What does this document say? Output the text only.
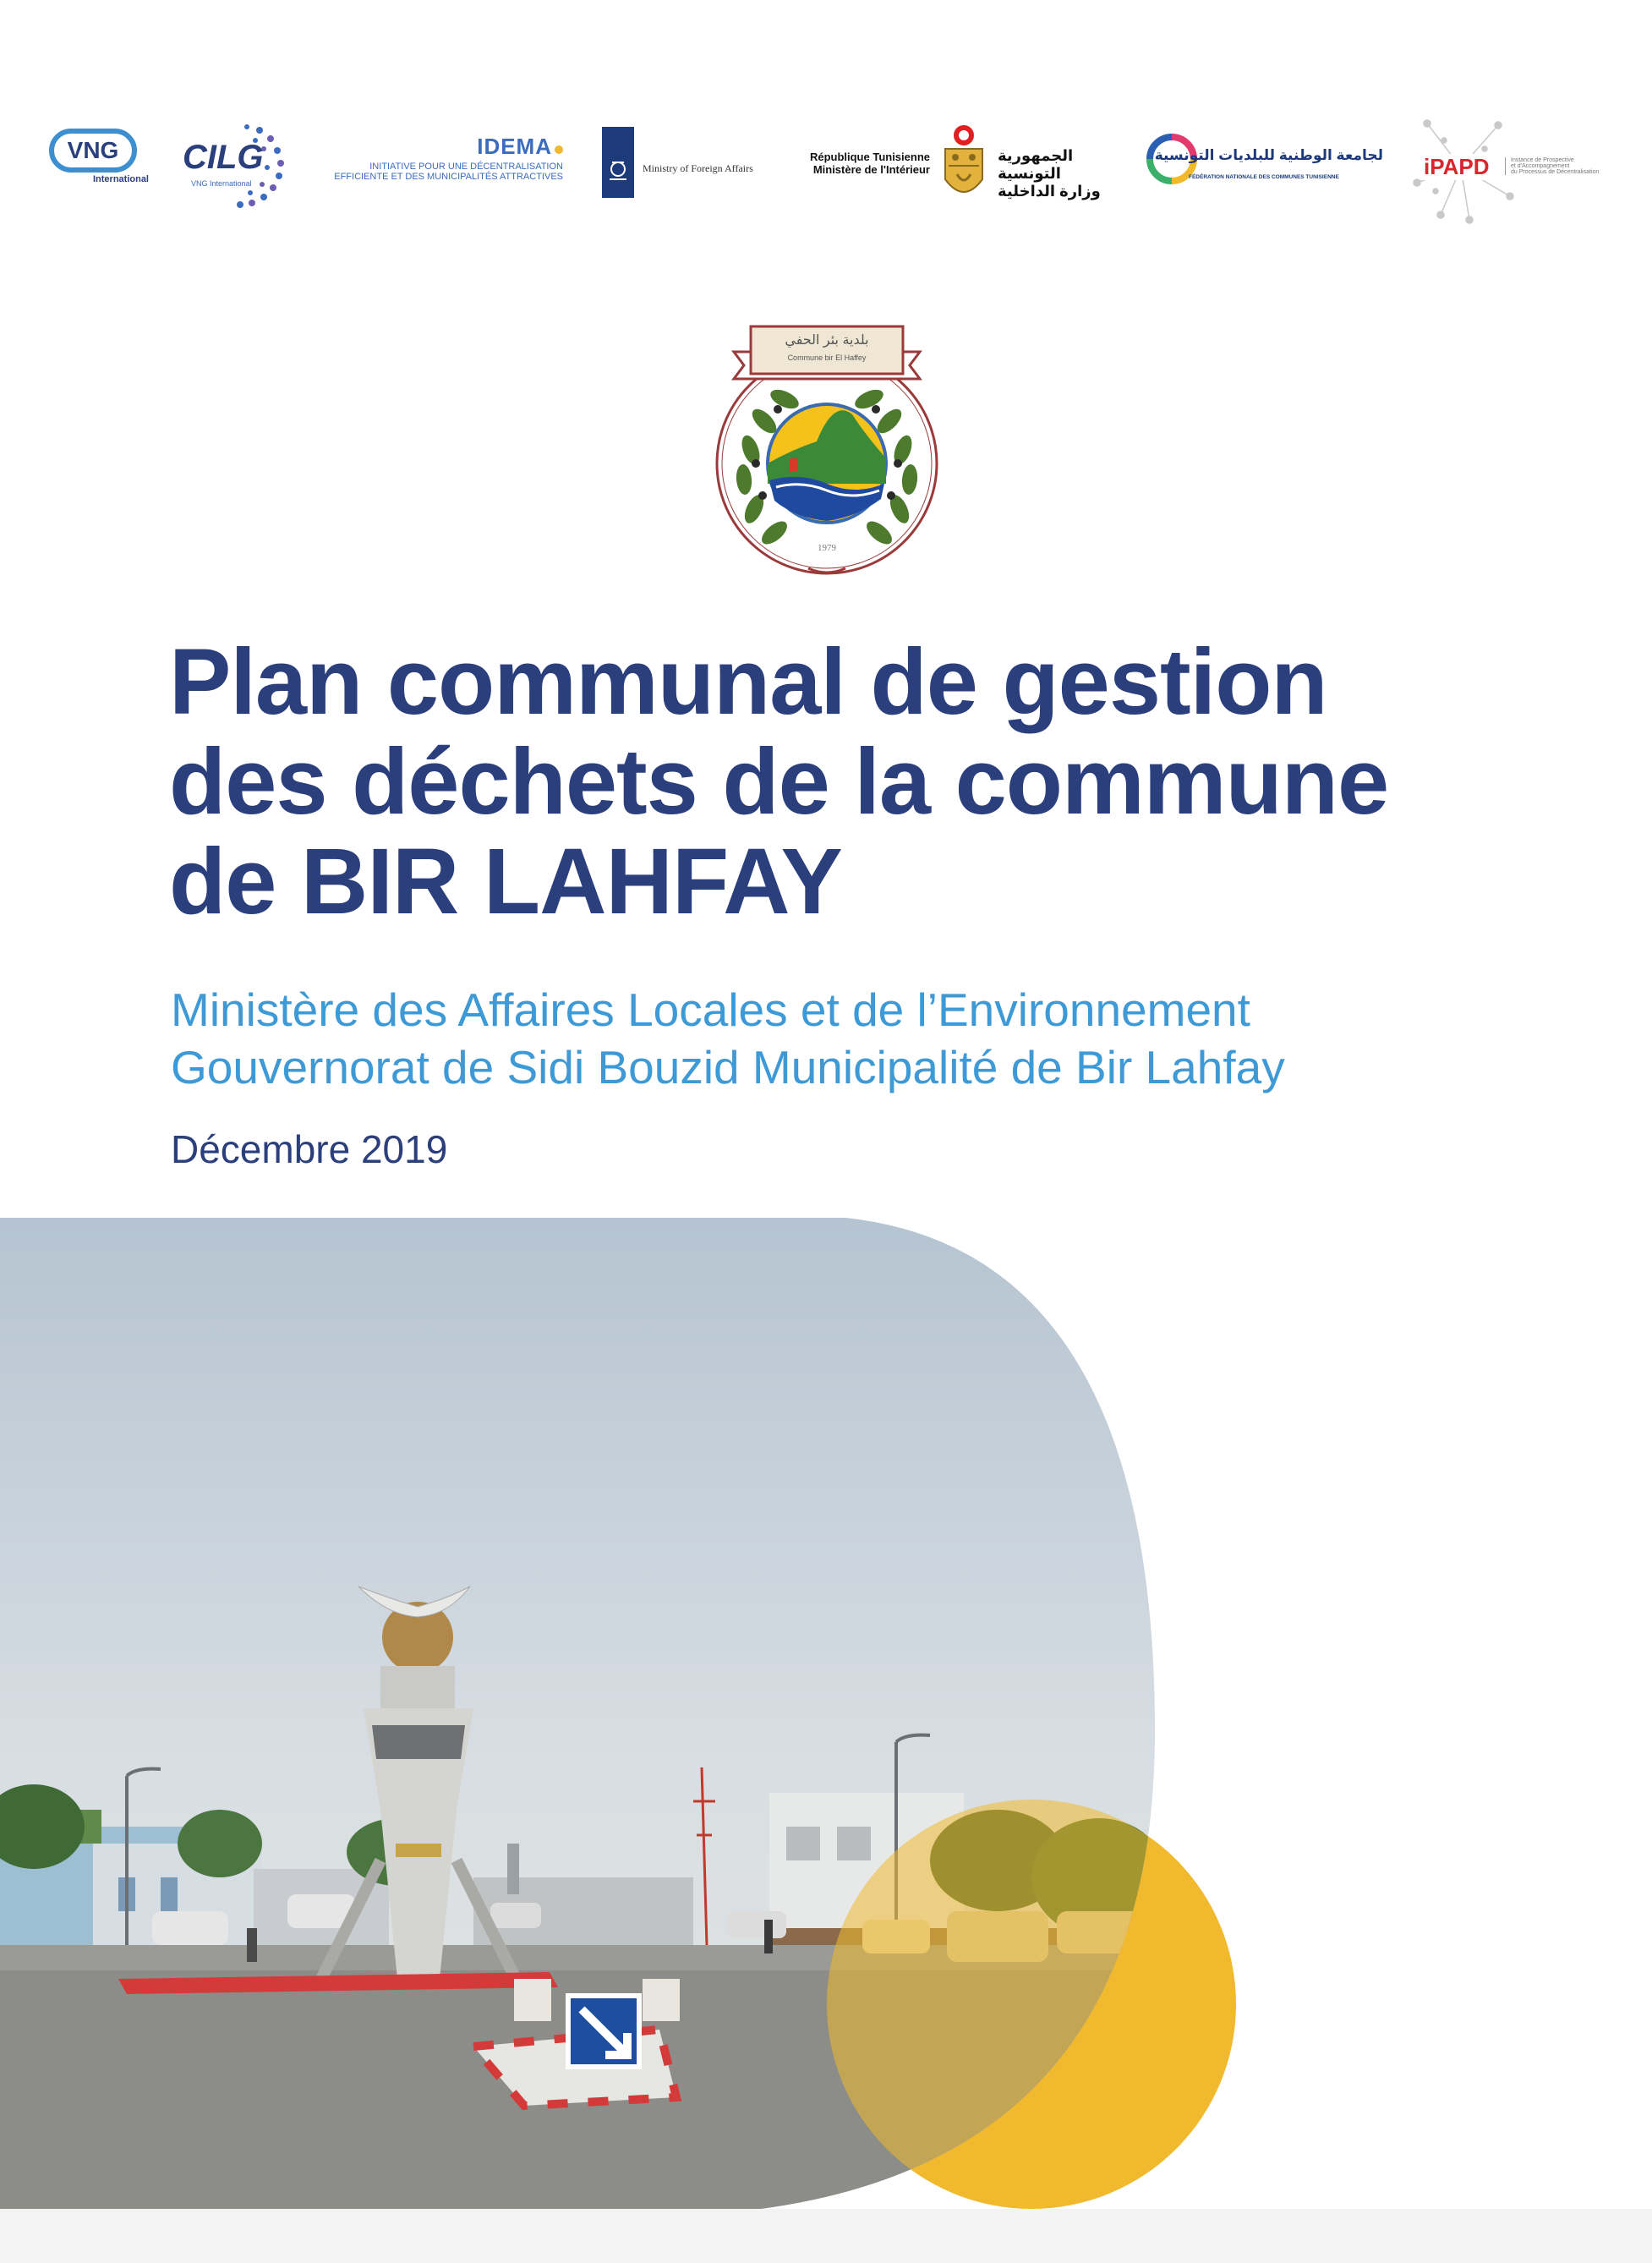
VNG
International
CILG
VNG International
IDEMA
INITIATIVE POUR UNE DÉCENTRALISATION
EFFICIENTE ET DES MUNICIPALITÉS ATTRACTIVES
Ministry of Foreign Affairs
République Tunisienne
Ministère de l'Intérieur
الجمهورية التونسية
وزارة الداخلية
لجامعة الوطنية للبلديات التونسية
FÉDÉRATION NATIONALE DES COMMUNES TUNISIENNE	iPAPD	Instance de Prospective
et d'Accompagnement
du Processus de Décentralisation
بلدية بئر الحفي
Commune bir El Haffey
1979
Plan communal de gestion
des déchets de la commune
de BIR LAHFAY
Ministère des Affaires Locales et de l’Environnement
Gouvernorat de Sidi Bouzid Municipalité de Bir Lahfay
Décembre 2019
